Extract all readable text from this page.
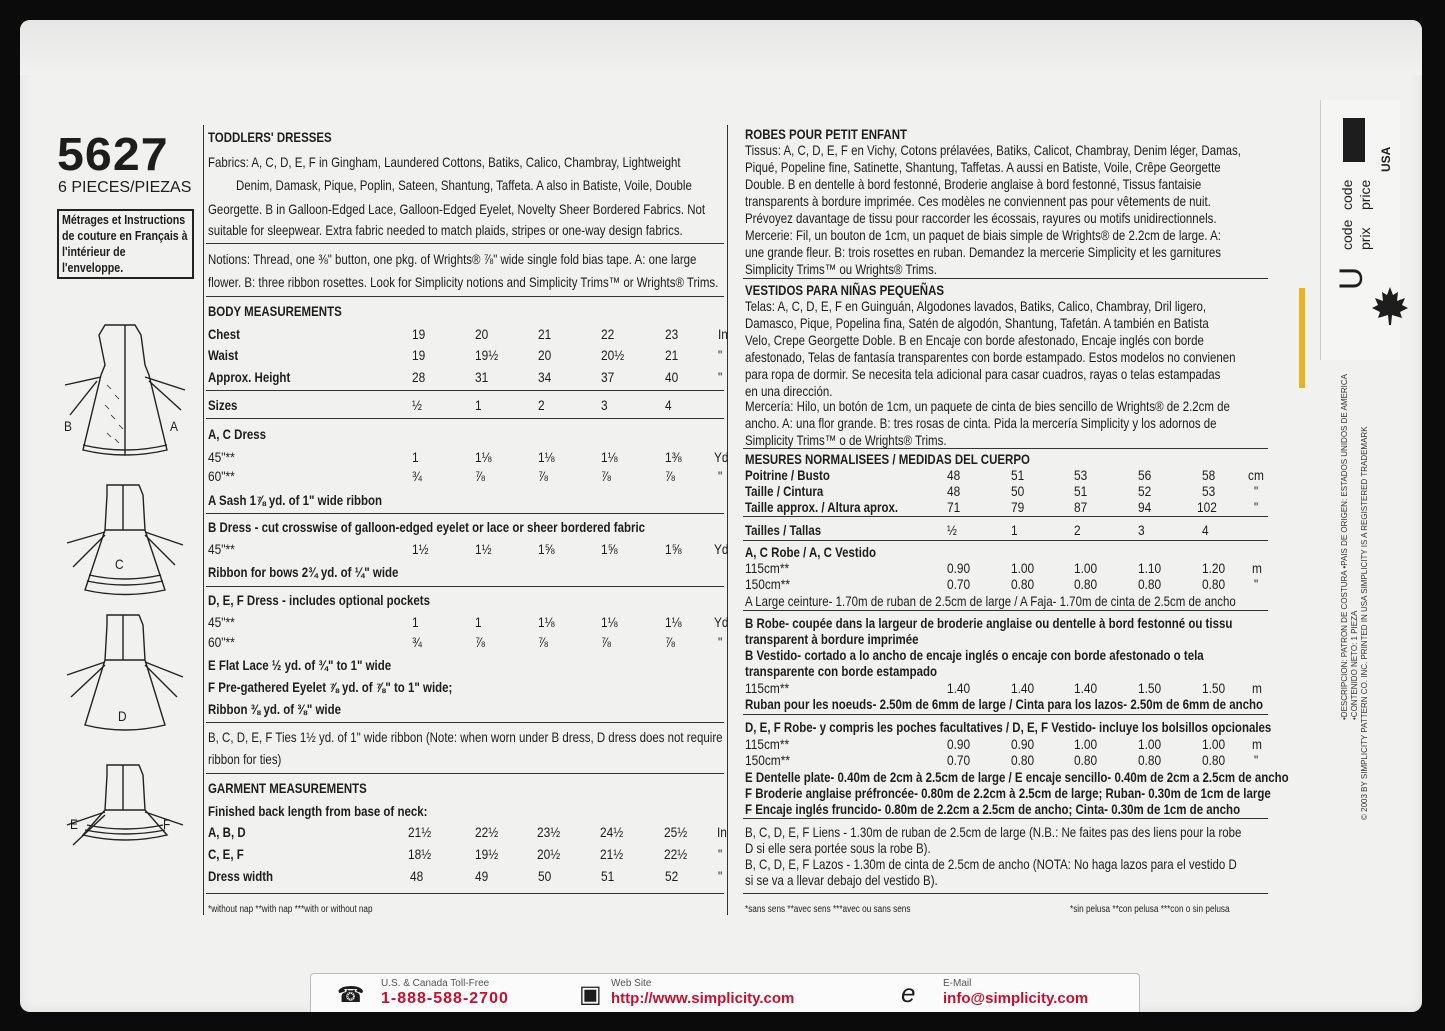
5627
6 PIECES/PIEZAS
Métrages et Instructions
de couture en Français à
l'intérieur de
l'enveloppe.
B	A
C
D
E	F
TODDLERS' DRESSES
Fabrics: A, C, D, E, F in Gingham, Laundered Cottons, Batiks, Calico, Chambray, Lightweight
Denim, Damask, Pique, Poplin, Sateen, Shantung, Taffeta. A also in Batiste, Voile, Double
Georgette. B in Galloon-Edged Lace, Galloon-Edged Eyelet, Novelty Sheer Bordered Fabrics. Not
suitable for sleepwear. Extra fabric needed to match plaids, stripes or one-way design fabrics.
Notions: Thread, one ⅜" button, one pkg. of Wrights® ⅞" wide single fold bias tape. A: one large
flower. B: three ribbon rosettes. Look for Simplicity notions and Simplicity Trims™ or Wrights® Trims.
BODY MEASUREMENTS
Chest	19	20	21	22	23	In
Waist	19	19½	20	20½	21	"
Approx. Height	28	31	34	37	40	"
Sizes	½	1	2	3	4
A, C Dress
45"**	1	1⅛	1⅛	1⅛	1⅜ Yd
60"**	¾	⅞	⅞	⅞	⅞	"
A Sash 1⅞ yd. of 1" wide ribbon
B Dress - cut crosswise of galloon-edged eyelet or lace or sheer bordered fabric
45"**	1½	1½	1⅝	1⅝	1⅝ Yd
Ribbon for bows 2¾ yd. of ¼" wide
D, E, F Dress - includes optional pockets
45"**	1	1	1⅛	1⅛	1⅛ Yd
60"**	¾	⅞	⅞	⅞	⅞	"
E Flat Lace ½ yd. of ¾" to 1" wide
F Pre-gathered Eyelet ⅞ yd. of ⅞" to 1" wide;
Ribbon ⅜ yd. of ⅜" wide
B, C, D, E, F Ties 1½ yd. of 1" wide ribbon (Note: when worn under B dress, D dress does not require
ribbon for ties)
GARMENT MEASUREMENTS
Finished back length from base of neck:
A, B, D	21½	22½	23½	24½	25½ In
C, E, F	18½	19½	20½	21½	22½ "
Dress width	48	49	50	51	52	"
*without nap **with nap ***with or without nap
ROBES POUR PETIT ENFANT
Tissus: A, C, D, E, F en Vichy, Cotons prélavées, Batiks, Calicot, Chambray, Denim léger, Damas,
Piqué, Popeline fine, Satinette, Shantung, Taffetas. A aussi en Batiste, Voile, Crêpe Georgette
Double. B en dentelle à bord festonné, Broderie anglaise à bord festonné, Tissus fantaisie
transparents à bordure imprimée. Ces modèles ne conviennent pas pour vêtements de nuit.
Prévoyez davantage de tissu pour raccorder les écossais, rayures ou motifs unidirectionnels.
Mercerie: Fil, un bouton de 1cm, un paquet de biais simple de Wrights® de 2.2cm de large. A:
une grande fleur. B: trois rosettes en ruban. Demandez la mercerie Simplicity et les garnitures
Simplicity Trims™ ou Wrights® Trims.
VESTIDOS PARA NIÑAS PEQUEÑAS
Telas: A, C, D, E, F en Guinguán, Algodones lavados, Batiks, Calico, Chambray, Dril ligero,
Damasco, Pique, Popelina fina, Satén de algodón, Shantung, Tafetán. A también en Batista
Velo, Crepe Georgette Doble. B en Encaje con borde afestonado, Encaje inglés con borde
afestonado, Telas de fantasía transparentes con borde estampado. Estos modelos no convienen
para ropa de dormir. Se necesita tela adicional para casar cuadros, rayas o telas estampadas
en una dirección.
Mercería: Hilo, un botón de 1cm, un paquete de cinta de bies sencillo de Wrights® de 2.2cm de
ancho. A: una flor grande. B: tres rosas de cinta. Pida la mercería Simplicity y los adornos de
Simplicity Trims™ o de Wrights® Trims.
MESURES NORMALISEES / MEDIDAS DEL CUERPO
Poitrine / Busto	48	51	53	56	58 cm
Taille / Cintura	48	50	51	52	53	"
Taille approx. / Altura aprox.	71	79	87	94	102	"
Tailles / Tallas	½	1	2	3	4
A, C Robe / A, C Vestido
115cm**	0.90	1.00	1.00	1.10	1.20 m
150cm**	0.70	0.80	0.80	0.80	0.80 "
A Large ceinture- 1.70m de ruban de 2.5cm de large / A Faja- 1.70m de cinta de 2.5cm de ancho
B Robe- coupée dans la largeur de broderie anglaise ou dentelle à bord festonné ou tissu
transparent à bordure imprimée
B Vestido- cortado a lo ancho de encaje inglés o encaje con borde afestonado o tela
transparente con borde estampado
115cm**	1.40	1.40	1.40	1.50	1.50 m
Ruban pour les noeuds- 2.50m de 6mm de large / Cinta para los lazos- 2.50m de 6mm de ancho
D, E, F Robe- y compris les poches facultatives / D, E, F Vestido- incluye los bolsillos opcionales
115cm**	0.90	0.90	1.00	1.00	1.00 m
150cm**	0.70	0.80	0.80	0.80	0.80 "
E Dentelle plate- 0.40m de 2cm à 2.5cm de large / E encaje sencillo- 0.40m de 2cm a 2.5cm de ancho
F Broderie anglaise préfroncée- 0.80m de 2.2cm à 2.5cm de large; Ruban- 0.30m de 1cm de large
F Encaje inglés fruncido- 0.80m de 2.2cm a 2.5cm de ancho; Cinta- 0.30m de 1cm de ancho
B, C, D, E, F Liens - 1.30m de ruban de 2.5cm de large (N.B.: Ne faites pas des liens pour la robe
D si elle sera portée sous la robe B).
B, C, D, E, F Lazos - 1.30m de cinta de 2.5cm de ancho (NOTA: No haga lazos para el vestido D
si se va a llevar debajo del vestido B).
*sans sens **avec sens ***avec ou sans sens	*sin pelusa **con pelusa ***con o sin pelusa
USA
code price
U
code prix
© 2003 BY SIMPLICITY PATTERN CO. INC. PRINTED IN USA SIMPLICITY IS A REGISTERED TRADEMARK
•DESCRIPCION: PATRON DE COSTURA •PAIS DE ORIGEN: ESTADOS UNIDOS DE AMERICA •CONTENIDO NETO: 1 PIEZA
☎ U.S. & Canada Toll-Free
1-888-588-2700	▣ Web Site
http://www.simplicity.com	e	E-Mail
info@simplicity.com
